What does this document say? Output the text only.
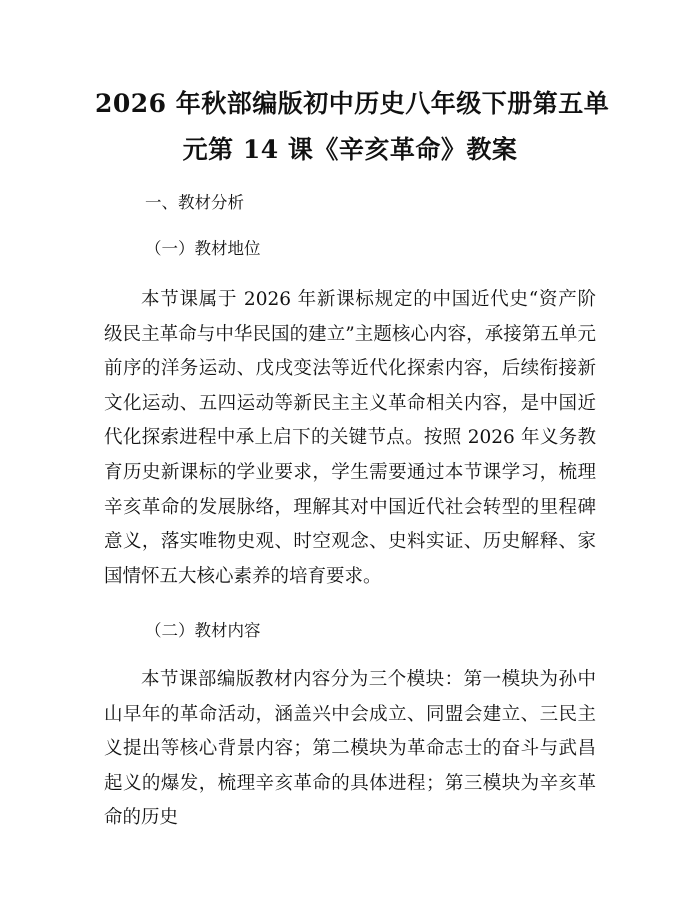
2026 年秋部编版初中历史八年级下册第五单
元第 14 课《辛亥革命》教案
一、教材分析
（一）教材地位

本节课属于 2026 年新课标规定的中国近代史“资产阶级民主革命与中华民国的建立”主题核心内容，承接第五单元前序的洋务运动、戊戌变法等近代化探索内容，后续衔接新文化运动、五四运动等新民主主义革命相关内容，是中国近代化探索进程中承上启下的关键节点。按照 2026 年义务教育历史新课标的学业要求，学生需要通过本节课学习，梳理辛亥革命的发展脉络，理解其对中国近代社会转型的里程碑意义，落实唯物史观、时空观念、史料实证、历史解释、家国情怀五大核心素养的培育要求。

（二）教材内容

本节课部编版教材内容分为三个模块：第一模块为孙中山早年的革命活动，涵盖兴中会成立、同盟会建立、三民主义提出等核心背景内容；第二模块为革命志士的奋斗与武昌起义的爆发，梳理辛亥革命的具体进程；第三模块为辛亥革命的历史
